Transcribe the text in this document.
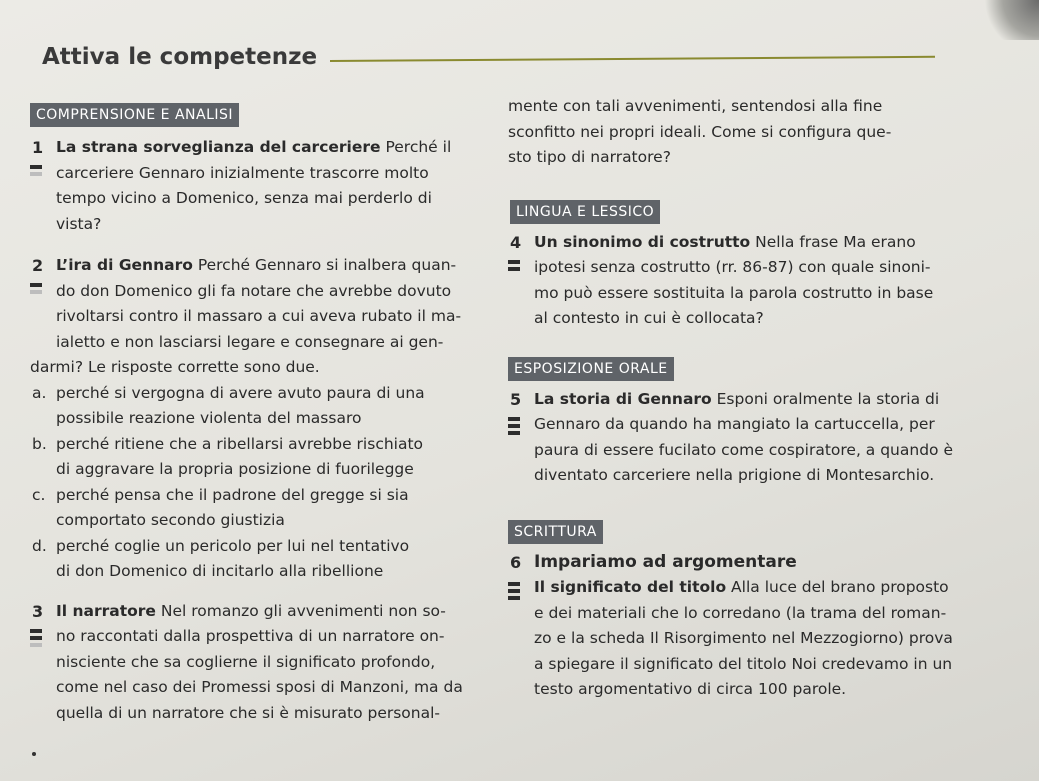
Attiva le competenze
COMPRENSIONE E ANALISI
1 La strana sorveglianza del carceriere Perché il
carceriere Gennaro inizialmente trascorre molto
tempo vicino a Domenico, senza mai perderlo di
vista?

2 L’ira di Gennaro Perché Gennaro si inalbera quan-
do don Domenico gli fa notare che avrebbe dovuto
rivoltarsi contro il massaro a cui aveva rubato il ma-
ialetto e non lasciarsi legare e consegnare ai gen-

darmi? Le risposte corrette sono due.

a. perché si vergogna di avere avuto paura di una
possibile reazione violenta del massaro
b. perché ritiene che a ribellarsi avrebbe rischiato
di aggravare la propria posizione di fuorilegge
c. perché pensa che il padrone del gregge si sia
comportato secondo giustizia
d. perché coglie un pericolo per lui nel tentativo
di don Domenico di incitarlo alla ribellione
3 Il narratore Nel romanzo gli avvenimenti non so-
no raccontati dalla prospettiva di un narratore on-
nisciente che sa coglierne il significato profondo,
come nel caso dei Promessi sposi di Manzoni, ma da
quella di un narratore che si è misurato personal-

mente con tali avvenimenti, sentendosi alla fine
sconfitto nei propri ideali. Come si configura que-
sto tipo di narratore?

LINGUA E LESSICO
4 Un sinonimo di costrutto Nella frase Ma erano
ipotesi senza costrutto (rr. 86-87) con quale sinoni-
mo può essere sostituita la parola costrutto in base
al contesto in cui è collocata?

ESPOSIZIONE ORALE
5 La storia di Gennaro Esponi oralmente la storia di
Gennaro da quando ha mangiato la cartuccella, per
paura di essere fucilato come cospiratore, a quando è
diventato carceriere nella prigione di Montesarchio.

SCRITTURA
6 Impariamo ad argomentare

Il significato del titolo Alla luce del brano proposto
e dei materiali che lo corredano (la trama del roman-
zo e la scheda Il Risorgimento nel Mezzogiorno) prova
a spiegare il significato del titolo Noi credevamo in un
testo argomentativo di circa 100 parole.
